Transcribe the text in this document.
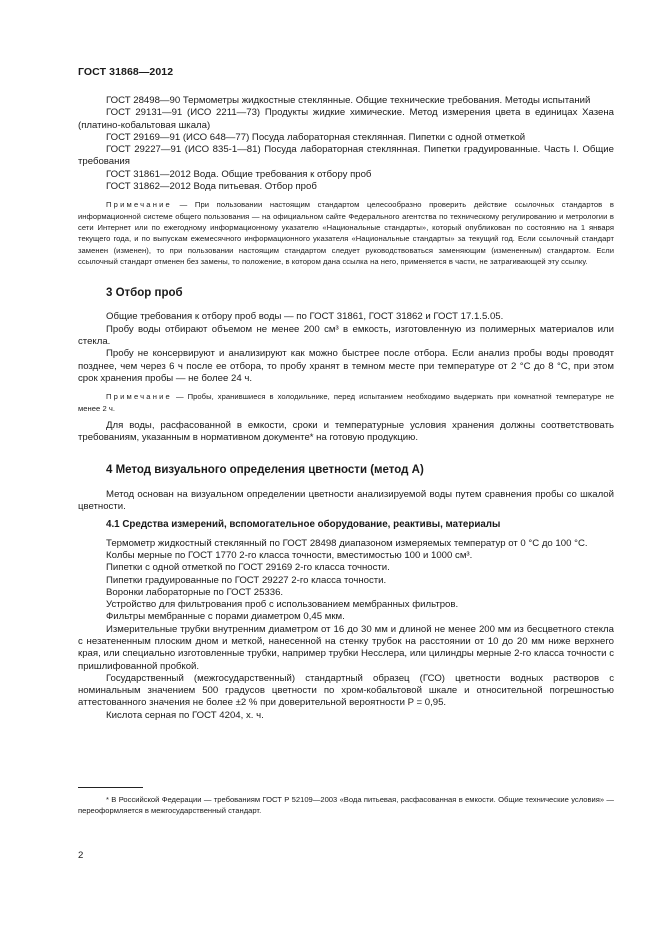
ГОСТ 31868—2012

ГОСТ 28498—90 Термометры жидкостные стеклянные. Общие технические требования. Методы испытаний

ГОСТ 29131—91 (ИСО 2211—73) Продукты жидкие химические. Метод измерения цвета в единицах Хазена (платино-кобальтовая шкала)

ГОСТ 29169—91 (ИСО 648—77) Посуда лабораторная стеклянная. Пипетки с одной отметкой

ГОСТ 29227—91 (ИСО 835-1—81) Посуда лабораторная стеклянная. Пипетки градуированные. Часть I. Общие требования

ГОСТ 31861—2012 Вода. Общие требования к отбору проб

ГОСТ 31862—2012 Вода питьевая. Отбор проб

Примечание — При пользовании настоящим стандартом целесообразно проверить действие ссылочных стандартов в информационной системе общего пользования — на официальном сайте Федерального агентства по техническому регулированию и метрологии в сети Интернет или по ежегодному информационному указателю «Национальные стандарты», который опубликован по состоянию на 1 января текущего года, и по выпускам ежемесячного информационного указателя «Национальные стандарты» за текущий год. Если ссылочный стандарт заменен (изменен), то при пользовании настоящим стандартом следует руководствоваться заменяющим (измененным) стандартом. Если ссылочный стандарт отменен без замены, то положение, в котором дана ссылка на него, применяется в части, не затрагивающей эту ссылку.

3 Отбор проб

Общие требования к отбору проб воды — по ГОСТ 31861, ГОСТ 31862 и ГОСТ 17.1.5.05.

Пробу воды отбирают объемом не менее 200 см³ в емкость, изготовленную из полимерных материалов или стекла.

Пробу не консервируют и анализируют как можно быстрее после отбора. Если анализ пробы воды проводят позднее, чем через 6 ч после ее отбора, то пробу хранят в темном месте при температуре от 2 °С до 8 °С, при этом срок хранения пробы — не более 24 ч.

Примечание — Пробы, хранившиеся в холодильнике, перед испытанием необходимо выдержать при комнатной температуре не менее 2 ч.

Для воды, расфасованной в емкости, сроки и температурные условия хранения должны соответствовать требованиям, указанным в нормативном документе* на готовую продукцию.

4 Метод визуального определения цветности (метод А)

Метод основан на визуальном определении цветности анализируемой воды путем сравнения пробы со шкалой цветности.

4.1 Средства измерений, вспомогательное оборудование, реактивы, материалы

Термометр жидкостный стеклянный по ГОСТ 28498 диапазоном измеряемых температур от 0 °С до 100 °С.

Колбы мерные по ГОСТ 1770 2-го класса точности, вместимостью 100 и 1000 см³.

Пипетки с одной отметкой по ГОСТ 29169 2-го класса точности.

Пипетки градуированные по ГОСТ 29227 2-го класса точности.

Воронки лабораторные по ГОСТ 25336.

Устройство для фильтрования проб с использованием мембранных фильтров.

Фильтры мембранные с порами диаметром 0,45 мкм.

Измерительные трубки внутренним диаметром от 16 до 30 мм и длиной не менее 200 мм из бесцветного стекла с незатененным плоским дном и меткой, нанесенной на стенку трубок на расстоянии от 10 до 20 мм ниже верхнего края, или специально изготовленные трубки, например трубки Несслера, или цилиндры мерные 2-го класса точности с пришлифованной пробкой.

Государственный (межгосударственный) стандартный образец (ГСО) цветности водных растворов с номинальным значением 500 градусов цветности по хром-кобальтовой шкале и относительной погрешностью аттестованного значения не более ±2 % при доверительной вероятности P = 0,95.

Кислота серная по ГОСТ 4204, х. ч.

* В Российской Федерации — требованиям ГОСТ Р 52109—2003 «Вода питьевая, расфасованная в емкости. Общие технические условия» — переоформляется в межгосударственный стандарт.

2
